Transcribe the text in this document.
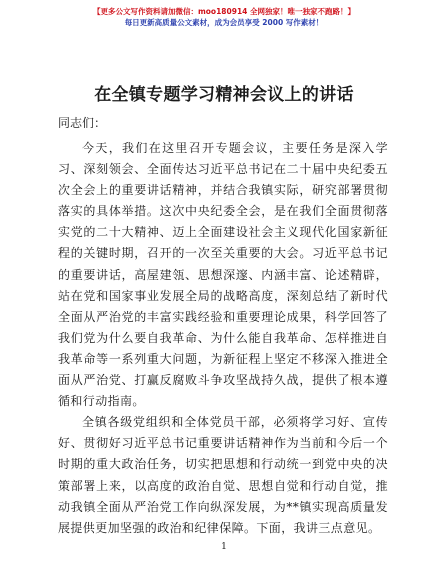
【更多公文写作资料请加微信：moo180914 全网独家！唯一独家不跑路！】
每日更新高质量公文素材，成为会员享受 2000 写作素材！
在全镇专题学习精神会议上的讲话
同志们：

今天，我们在这里召开专题会议，主要任务是深入学习、深刻领会、全面传达习近平总书记在二十届中央纪委五次全会上的重要讲话精神，并结合我镇实际，研究部署贯彻落实的具体举措。这次中央纪委全会，是在我们全面贯彻落实党的二十大精神、迈上全面建设社会主义现代化国家新征程的关键时期，召开的一次至关重要的大会。习近平总书记的重要讲话，高屋建瓴、思想深邃、内涵丰富、论述精辟，站在党和国家事业发展全局的战略高度，深刻总结了新时代全面从严治党的丰富实践经验和重要理论成果，科学回答了我们党为什么要自我革命、为什么能自我革命、怎样推进自我革命等一系列重大问题，为新征程上坚定不移深入推进全面从严治党、打赢反腐败斗争攻坚战持久战，提供了根本遵循和行动指南。

全镇各级党组织和全体党员干部，必须将学习好、宣传好、贯彻好习近平总书记重要讲话精神作为当前和今后一个时期的重大政治任务，切实把思想和行动统一到党中央的决策部署上来，以高度的政治自觉、思想自觉和行动自觉，推动我镇全面从严治党工作向纵深发展，为**镇实现高质量发展提供更加坚强的政治和纪律保障。下面，我讲三点意见。

1
